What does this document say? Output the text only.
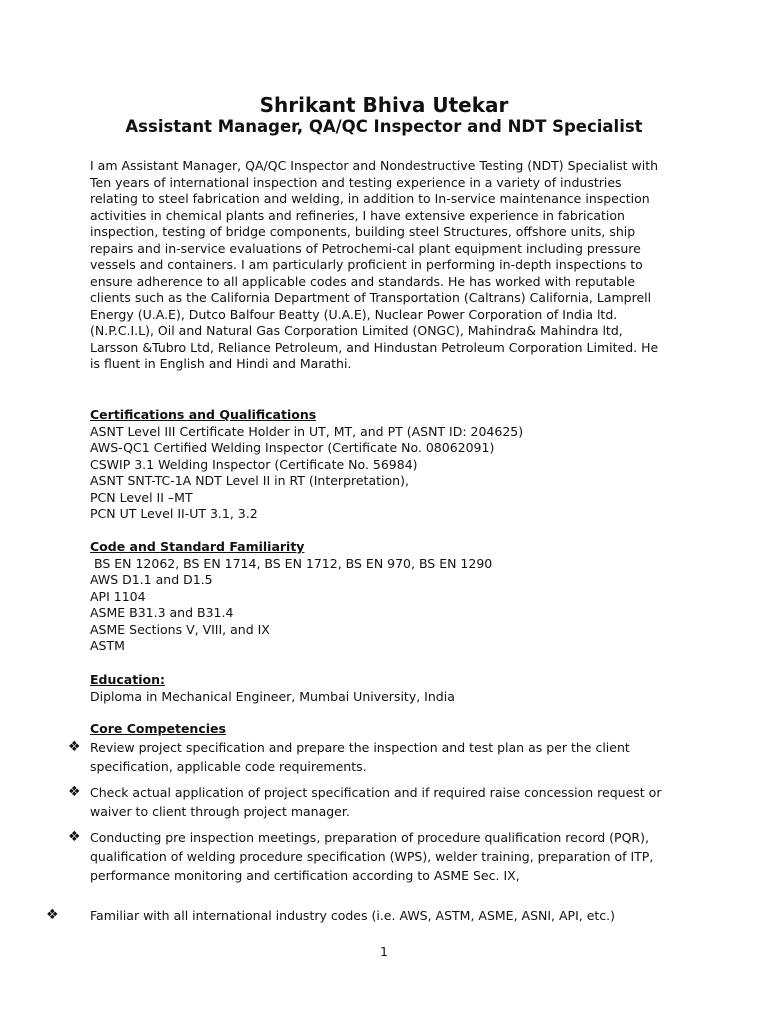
Shrikant Bhiva Utekar
Assistant Manager, QA/QC Inspector and NDT Specialist
I am Assistant Manager, QA/QC Inspector and Nondestructive Testing (NDT) Specialist with Ten years of international inspection and testing experience in a variety of industries relating to steel fabrication and welding, in addition to In-service maintenance inspection activities in chemical plants and refineries, I have extensive experience in fabrication inspection, testing of bridge components, building steel Structures, offshore units, ship repairs and in-service evaluations of Petrochemi-cal plant equipment including pressure vessels and containers. I am particularly proficient in performing in-depth inspections to ensure adherence to all applicable codes and standards. He has worked with reputable clients such as the California Department of Transportation (Caltrans) California, Lamprell Energy (U.A.E), Dutco Balfour Beatty (U.A.E), Nuclear Power Corporation of India ltd. (N.P.C.I.L), Oil and Natural Gas Corporation Limited (ONGC), Mahindra& Mahindra ltd, Larsson &Tubro Ltd, Reliance Petroleum, and Hindustan Petroleum Corporation Limited. He is fluent in English and Hindi and Marathi.
Certifications and Qualifications
ASNT Level III Certificate Holder in UT, MT, and PT (ASNT ID: 204625)
AWS-QC1 Certified Welding Inspector (Certificate No. 08062091)
CSWIP 3.1 Welding Inspector (Certificate No. 56984)
ASNT SNT-TC-1A NDT Level II in RT (Interpretation),
PCN Level II –MT
PCN UT Level II-UT 3.1, 3.2
Code and Standard Familiarity
BS EN 12062, BS EN 1714, BS EN 1712, BS EN 970, BS EN 1290
AWS D1.1 and D1.5
API 1104
ASME B31.3 and B31.4
ASME Sections V, VIII, and IX
ASTM
Education:
Diploma in Mechanical Engineer, Mumbai University, India
Core Competencies
❖ Review project specification and prepare the inspection and test plan as per the client specification, applicable code requirements.
❖ Check actual application of project specification and if required raise concession request or waiver to client through project manager.
❖ Conducting pre inspection meetings, preparation of procedure qualification record (PQR), qualification of welding procedure specification (WPS), welder training, preparation of ITP, performance monitoring and certification according to ASME Sec. IX,
❖	Familiar with all international industry codes (i.e. AWS, ASTM, ASME, ASNI, API, etc.)
1
